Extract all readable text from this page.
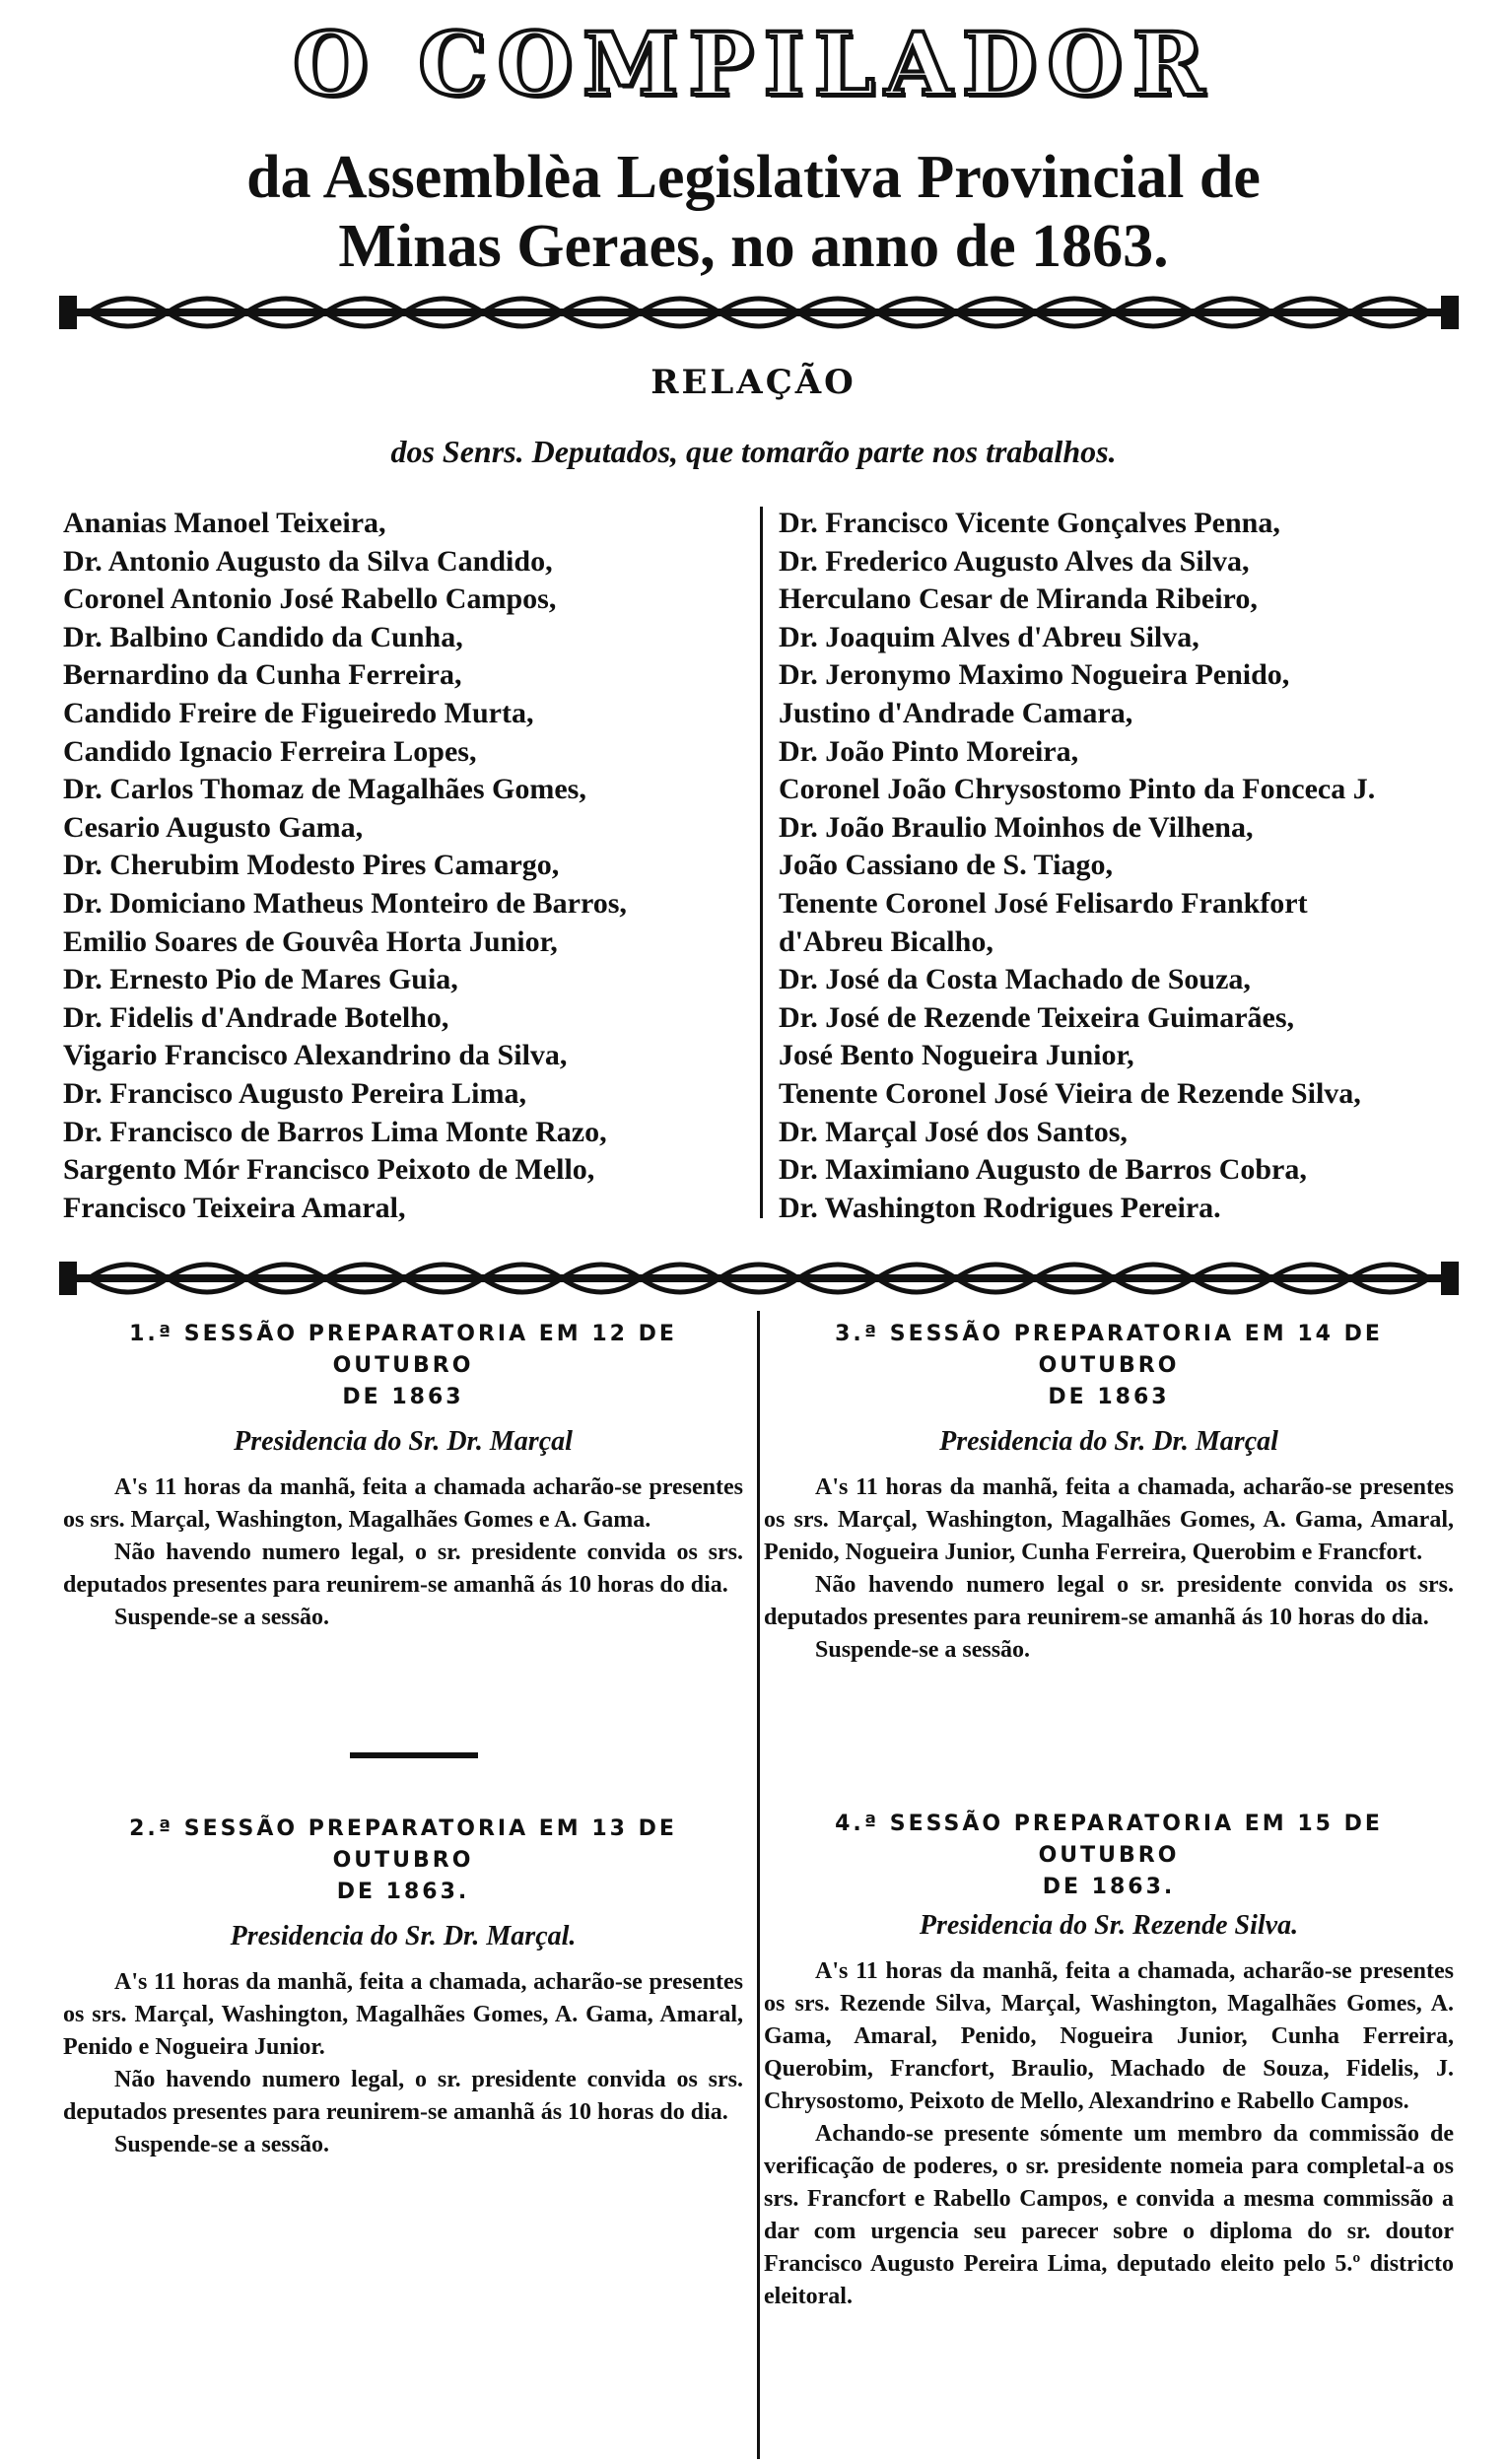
O COMPILADOR
da Assemblèa Legislativa Provincial de
Minas Geraes, no anno de 1863.
RELAÇÃO
dos Senrs. Deputados, que tomarão parte nos trabalhos.
Ananias Manoel Teixeira,
Dr. Antonio Augusto da Silva Candido,
Coronel Antonio José Rabello Campos,
Dr. Balbino Candido da Cunha,
Bernardino da Cunha Ferreira,
Candido Freire de Figueiredo Murta,
Candido Ignacio Ferreira Lopes,
Dr. Carlos Thomaz de Magalhães Gomes,
Cesario Augusto Gama,
Dr. Cherubim Modesto Pires Camargo,
Dr. Domiciano Matheus Monteiro de Barros,
Emilio Soares de Gouvêa Horta Junior,
Dr. Ernesto Pio de Mares Guia,
Dr. Fidelis d'Andrade Botelho,
Vigario Francisco Alexandrino da Silva,
Dr. Francisco Augusto Pereira Lima,
Dr. Francisco de Barros Lima Monte Razo,
Sargento Mór Francisco Peixoto de Mello,
Francisco Teixeira Amaral,
Dr. Francisco Vicente Gonçalves Penna,
Dr. Frederico Augusto Alves da Silva,
Herculano Cesar de Miranda Ribeiro,
Dr. Joaquim Alves d'Abreu Silva,
Dr. Jeronymo Maximo Nogueira Penido,
Justino d'Andrade Camara,
Dr. João Pinto Moreira,
Coronel João Chrysostomo Pinto da Fonceca J.
Dr. João Braulio Moinhos de Vilhena,
João Cassiano de S. Tiago,
Tenente Coronel José Felisardo Frankfort
d'Abreu Bicalho,
Dr. José da Costa Machado de Souza,
Dr. José de Rezende Teixeira Guimarães,
José Bento Nogueira Junior,
Tenente Coronel José Vieira de Rezende Silva,
Dr. Marçal José dos Santos,
Dr. Maximiano Augusto de Barros Cobra,
Dr. Washington Rodrigues Pereira.
1.ª SESSÃO PREPARATORIA EM 12 DE OUTUBRO
DE 1863
Presidencia do Sr. Dr. Marçal

A's 11 horas da manhã, feita a chamada acharão-se presentes os srs. Marçal, Washington, Magalhães Gomes e A. Gama.

Não havendo numero legal, o sr. presidente convida os srs. deputados presentes para reunirem-se amanhã ás 10 horas do dia.

Suspende-se a sessão.

2.ª SESSÃO PREPARATORIA EM 13 DE OUTUBRO
DE 1863.
Presidencia do Sr. Dr. Marçal.

A's 11 horas da manhã, feita a chamada, acharão-se presentes os srs. Marçal, Washington, Magalhães Gomes, A. Gama, Amaral, Penido e Nogueira Junior.

Não havendo numero legal, o sr. presidente convida os srs. deputados presentes para reunirem-se amanhã ás 10 horas do dia.

Suspende-se a sessão.

3.ª SESSÃO PREPARATORIA EM 14 DE OUTUBRO
DE 1863
Presidencia do Sr. Dr. Marçal

A's 11 horas da manhã, feita a chamada, acharão-se presentes os srs. Marçal, Washington, Magalhães Gomes, A. Gama, Amaral, Penido, Nogueira Junior, Cunha Ferreira, Querobim e Francfort.

Não havendo numero legal o sr. presidente convida os srs. deputados presentes para reunirem-se amanhã ás 10 horas do dia.

Suspende-se a sessão.

4.ª SESSÃO PREPARATORIA EM 15 DE OUTUBRO
DE 1863.
Presidencia do Sr. Rezende Silva.

A's 11 horas da manhã, feita a chamada, acharão-se presentes os srs. Rezende Silva, Marçal, Washington, Magalhães Gomes, A. Gama, Amaral, Penido, Nogueira Junior, Cunha Ferreira, Querobim, Francfort, Braulio, Machado de Souza, Fidelis, J. Chrysostomo, Peixoto de Mello, Alexandrino e Rabello Campos.

Achando-se presente sómente um membro da commissão de verificação de poderes, o sr. presidente nomeia para completal-a os srs. Francfort e Rabello Campos, e convida a mesma commissão a dar com urgencia seu parecer sobre o diploma do sr. doutor Francisco Augusto Pereira Lima, deputado eleito pelo 5.º districto eleitoral.
